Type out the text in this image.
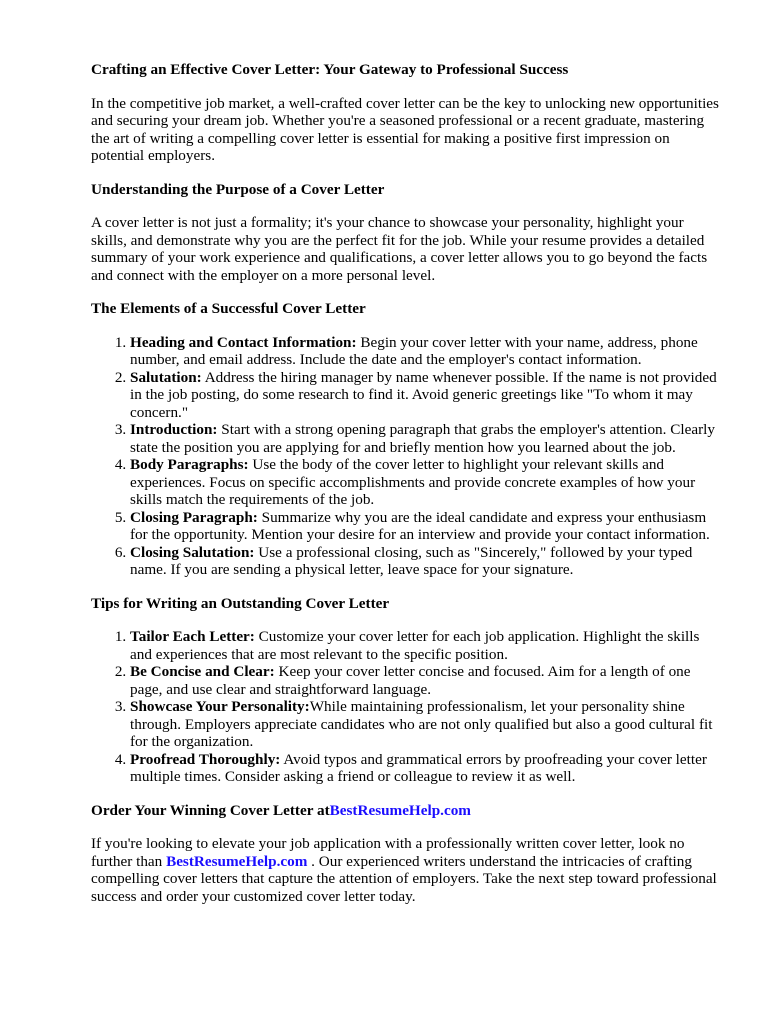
Crafting an Effective Cover Letter: Your Gateway to Professional Success

In the competitive job market, a well-crafted cover letter can be the key to unlocking new opportunities and securing your dream job. Whether you're a seasoned professional or a recent graduate, mastering the art of writing a compelling cover letter is essential for making a positive first impression on potential employers.

Understanding the Purpose of a Cover Letter

A cover letter is not just a formality; it's your chance to showcase your personality, highlight your skills, and demonstrate why you are the perfect fit for the job. While your resume provides a detailed summary of your work experience and qualifications, a cover letter allows you to go beyond the facts and connect with the employer on a more personal level.

The Elements of a Successful Cover Letter
1. Heading and Contact Information: Begin your cover letter with your name, address, phone number, and email address. Include the date and the employer's contact information.
2. Salutation: Address the hiring manager by name whenever possible. If the name is not provided in the job posting, do some research to find it. Avoid generic greetings like "To whom it may concern."
3. Introduction: Start with a strong opening paragraph that grabs the employer's attention. Clearly state the position you are applying for and briefly mention how you learned about the job.
4. Body Paragraphs: Use the body of the cover letter to highlight your relevant skills and experiences. Focus on specific accomplishments and provide concrete examples of how your skills match the requirements of the job.
5. Closing Paragraph: Summarize why you are the ideal candidate and express your enthusiasm for the opportunity. Mention your desire for an interview and provide your contact information.
6. Closing Salutation: Use a professional closing, such as "Sincerely," followed by your typed name. If you are sending a physical letter, leave space for your signature.
Tips for Writing an Outstanding Cover Letter
1. Tailor Each Letter: Customize your cover letter for each job application. Highlight the skills and experiences that are most relevant to the specific position.
2. Be Concise and Clear: Keep your cover letter concise and focused. Aim for a length of one page, and use clear and straightforward language.
3. Showcase Your Personality:While maintaining professionalism, let your personality shine through. Employers appreciate candidates who are not only qualified but also a good cultural fit for the organization.
4. Proofread Thoroughly: Avoid typos and grammatical errors by proofreading your cover letter multiple times. Consider asking a friend or colleague to review it as well.
Order Your Winning Cover Letter atBestResumeHelp.com

If you're looking to elevate your job application with a professionally written cover letter, look no further than BestResumeHelp.com . Our experienced writers understand the intricacies of crafting compelling cover letters that capture the attention of employers. Take the next step toward professional success and order your customized cover letter today.
